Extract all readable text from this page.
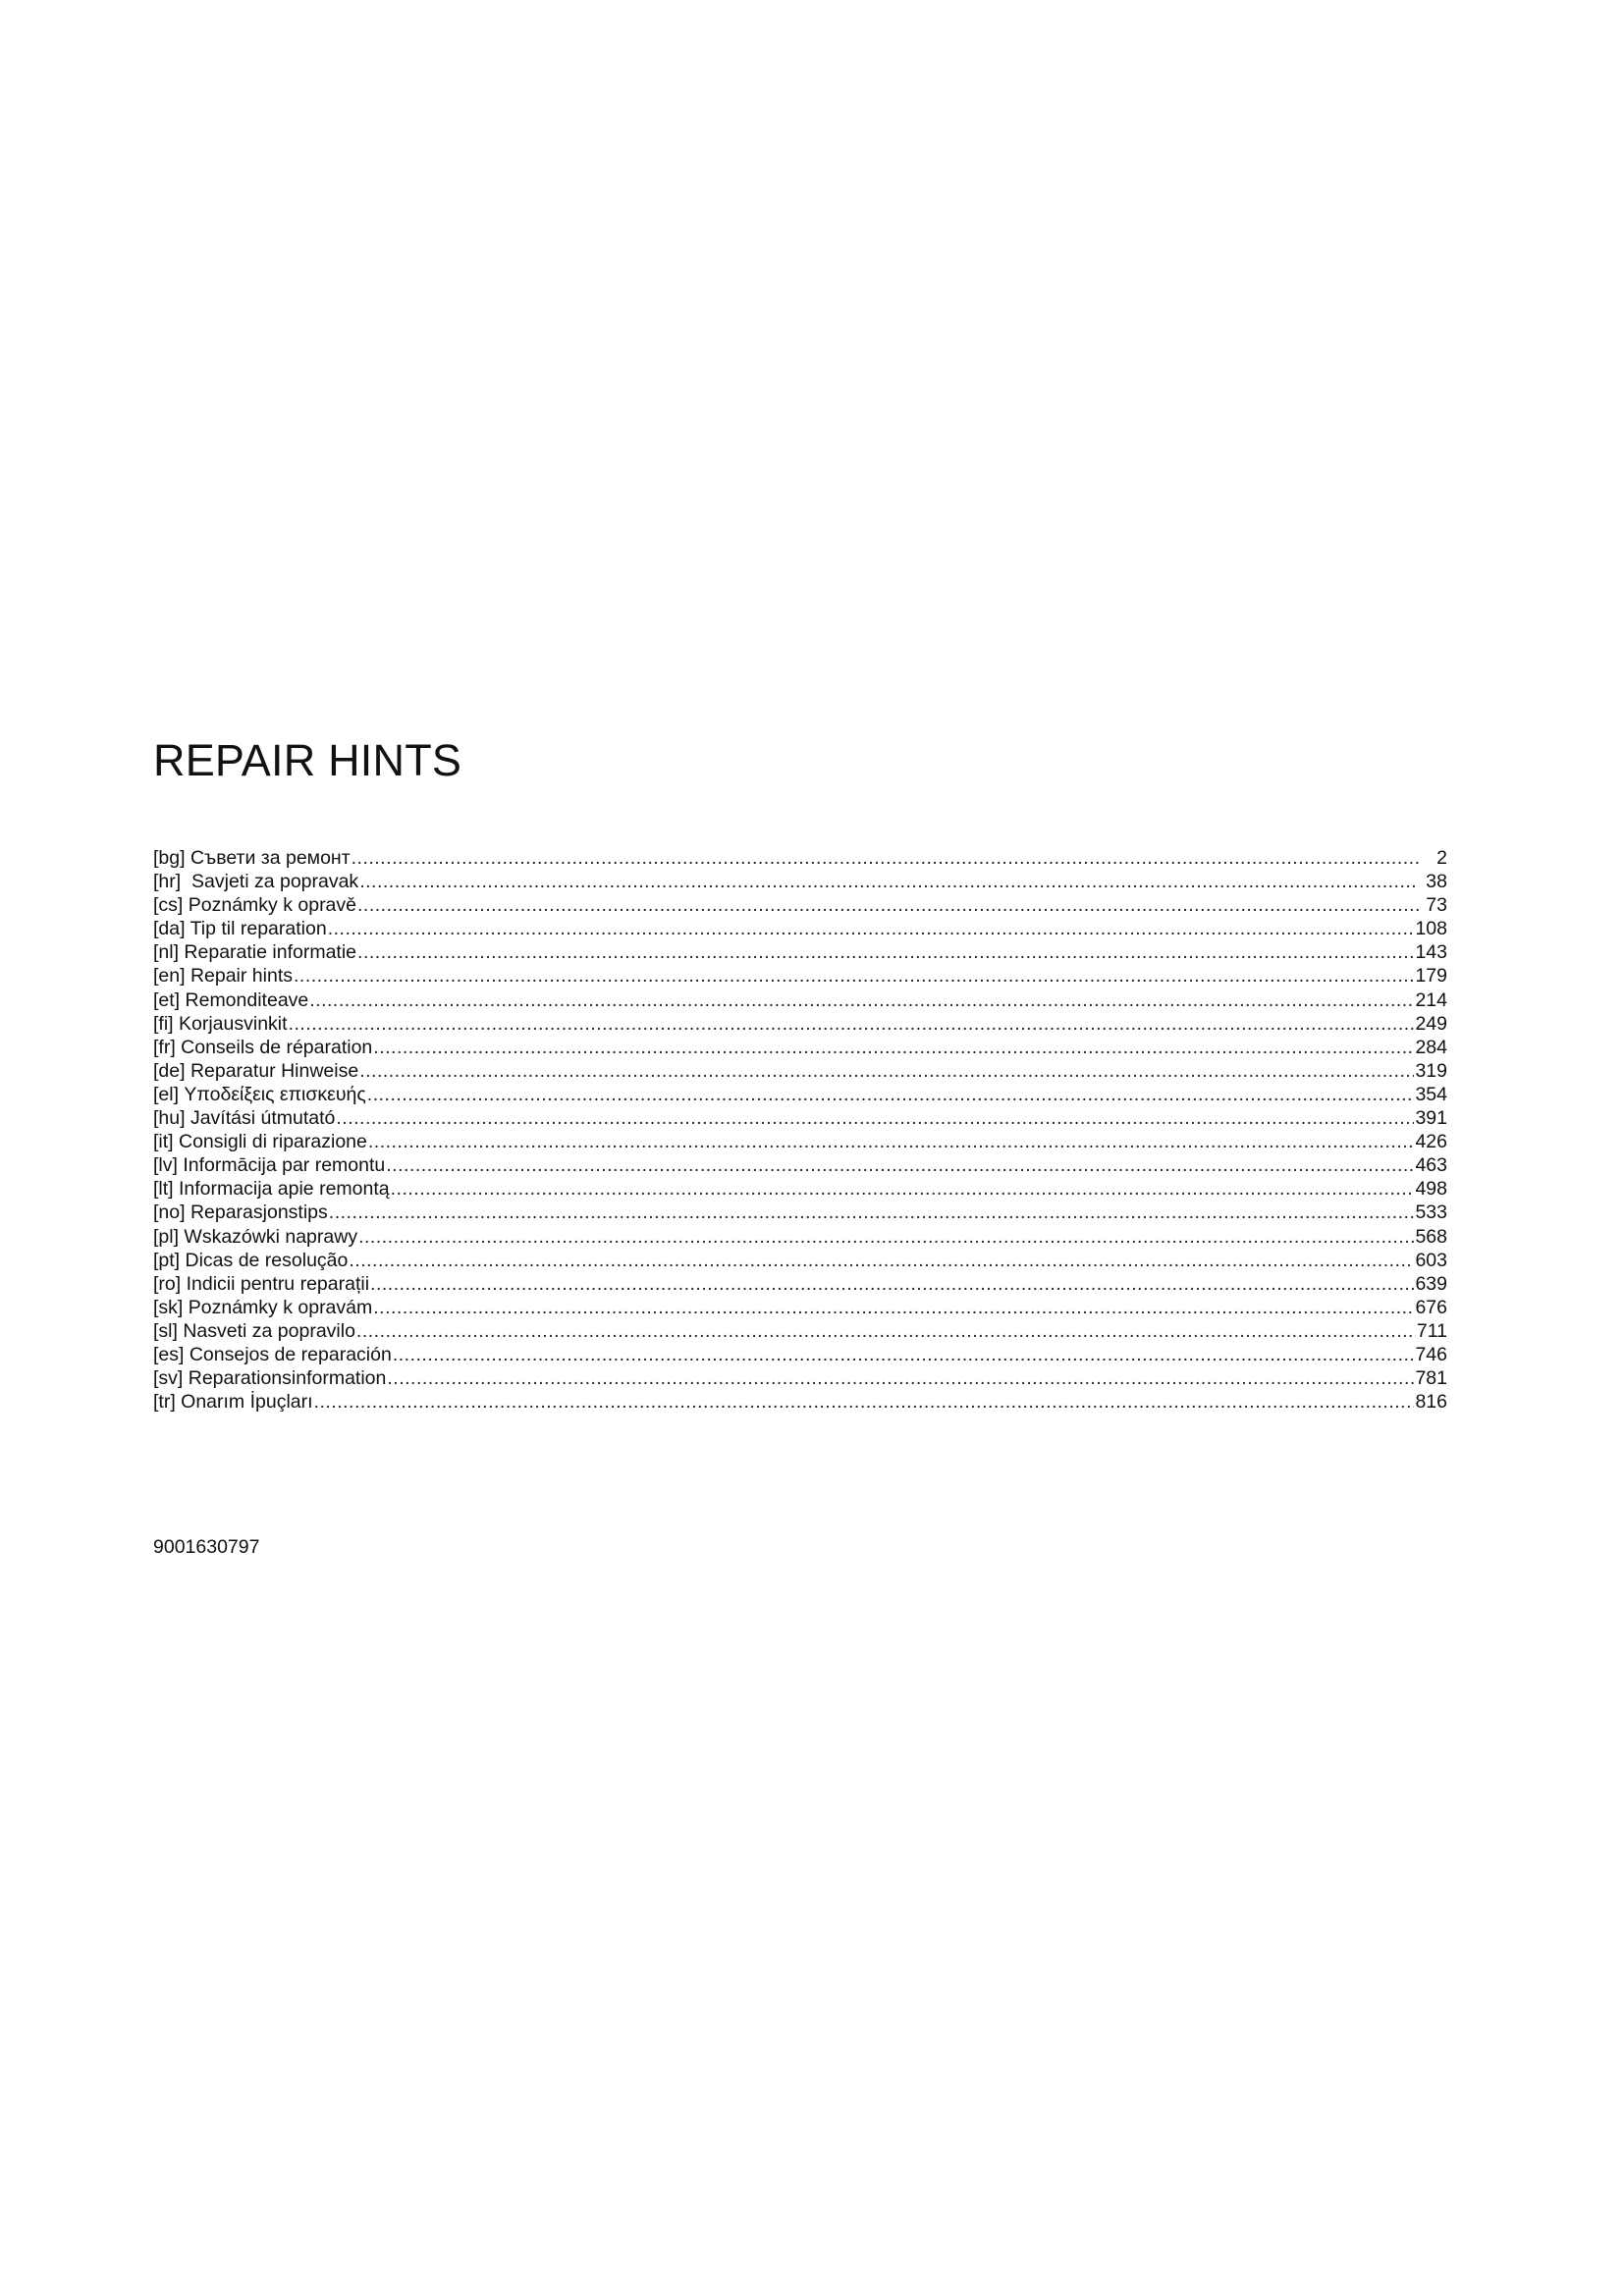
REPAIR HINTS
[bg] Съвети за ремонт .....	2
[hr]  Savjeti za popravak .....	38
[cs] Poznámky k opravě .....	73
[da] Tip til reparation .....	108
[nl] Reparatie informatie .....	143
[en] Repair hints .....	179
[et] Remonditeave .....	214
[fi] Korjausvinkit .....	249
[fr] Conseils de réparation .....	284
[de] Reparatur Hinweise .....	319
[el] Υποδείξεις επισκευής .....	354
[hu] Javítási útmutató .....	391
[it] Consigli di riparazione .....	426
[lv] Informācija par remontu .....	463
[lt] Informacija apie remontą .....	498
[no] Reparasjonstips .....	533
[pl] Wskazówki naprawy .....	568
[pt] Dicas de resolução .....	603
[ro] Indicii pentru reparații .....	639
[sk] Poznámky k opravám .....	676
[sl] Nasveti za popravilo .....	711
[es] Consejos de reparación .....	746
[sv] Reparationsinformation .....	781
[tr] Onarım İpuçları .....	816
9001630797
